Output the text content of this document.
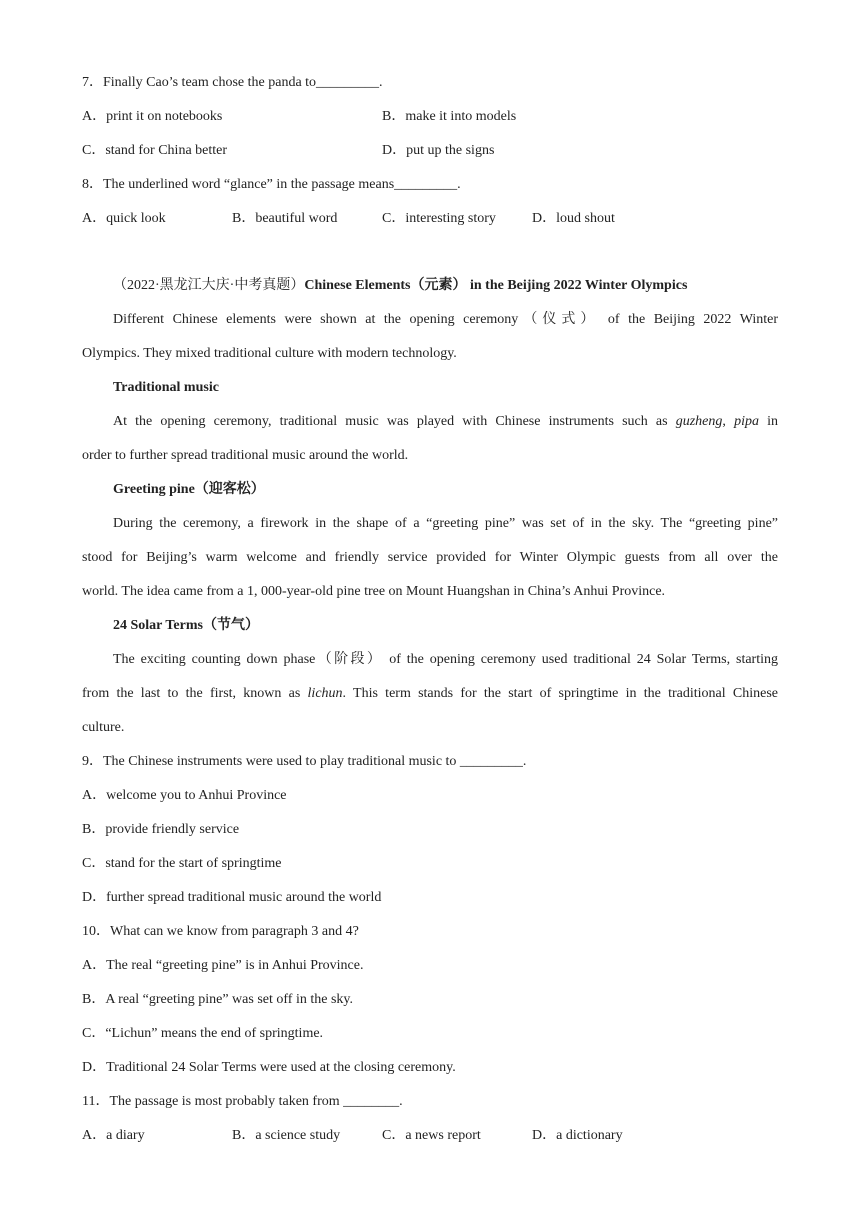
7．Finally Cao’s team chose the panda to_________.
A．print it on notebooks	B．make it into models
C．stand for China better	D．put up the signs
8．The underlined word “glance” in the passage means_________.
A．quick look	B．beautiful word	C．interesting story	D．loud shout
（2022·黑龙江大庆·中考真题）Chinese Elements（元素） in the Beijing 2022 Winter Olympics
Different Chinese elements were shown at the opening ceremony（仪式） of the Beijing 2022 Winter
Olympics. They mixed traditional culture with modern technology.
Traditional music
At the opening ceremony, traditional music was played with Chinese instruments such as guzheng, pipa in
order to further spread traditional music around the world.
Greeting pine（迎客松）
During the ceremony, a firework in the shape of a “greeting pine” was set of in the sky. The “greeting pine”
stood for Beijing’s warm welcome and friendly service provided for Winter Olympic guests from all over the
world. The idea came from a 1, 000-year-old pine tree on Mount Huangshan in China’s Anhui Province.
24 Solar Terms（节气）
The exciting counting down phase（阶段） of the opening ceremony used traditional 24 Solar Terms, starting
from the last to the first, known as lichun. This term stands for the start of springtime in the traditional Chinese
culture.
9．The Chinese instruments were used to play traditional music to _________.
A．welcome you to Anhui Province
B．provide friendly service
C．stand for the start of springtime
D．further spread traditional music around the world
10．What can we know from paragraph 3 and 4?
A．The real “greeting pine” is in Anhui Province.
B．A real “greeting pine” was set off in the sky.
C．“Lichun” means the end of springtime.
D．Traditional 24 Solar Terms were used at the closing ceremony.
11．The passage is most probably taken from ________.
A．a diary	B．a science study	C．a news report	D．a dictionary
